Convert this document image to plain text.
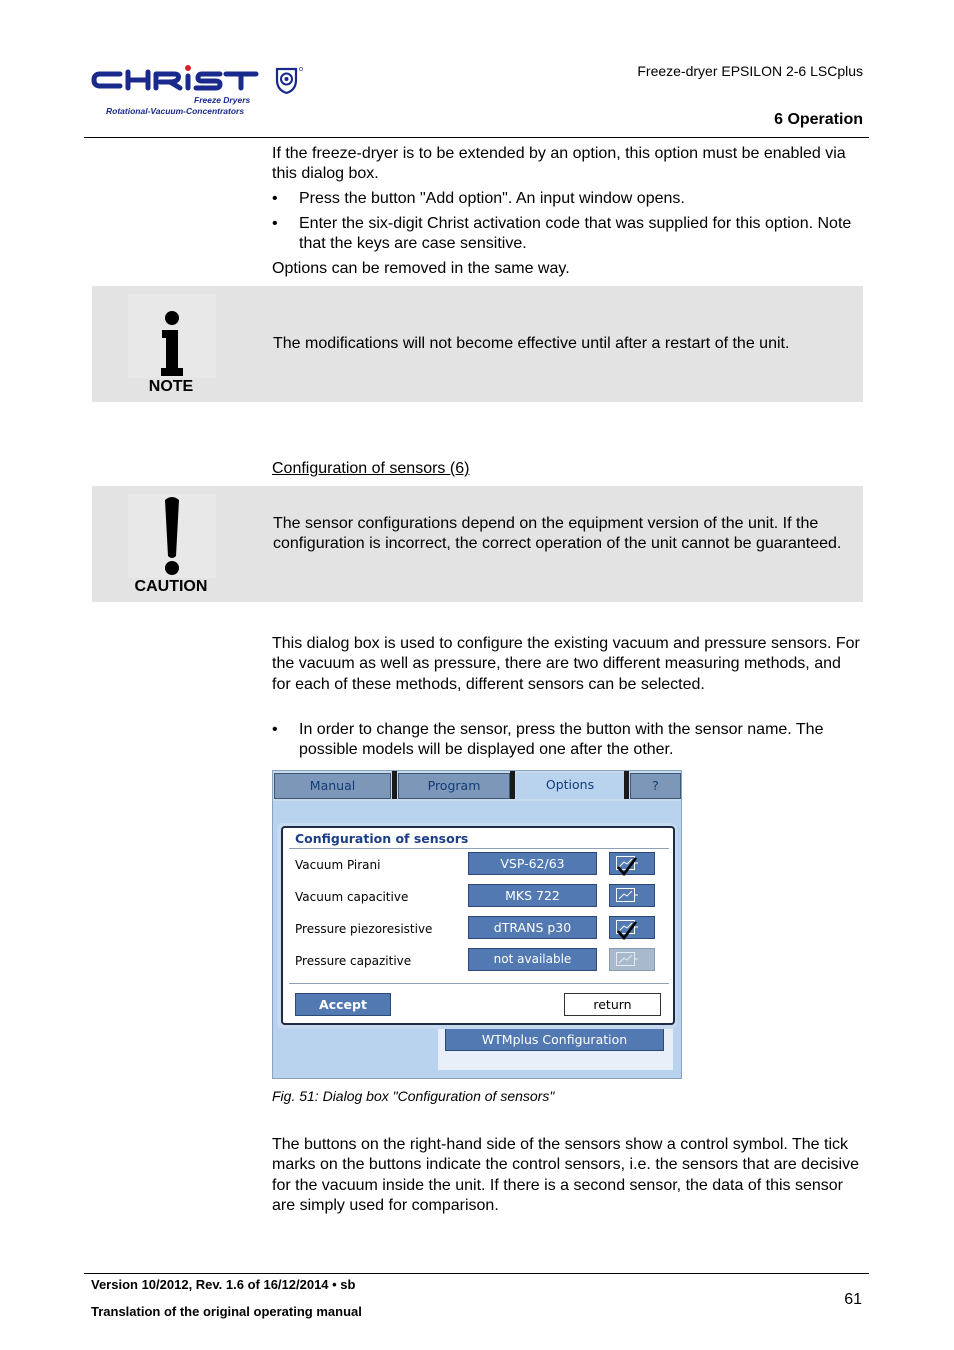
Freeze Dryers
Rotational-Vacuum-Concentrators
Freeze-dryer EPSILON 2-6 LSCplus
6 Operation
If the freeze-dryer is to be extended by an option, this option must be enabled via this dialog box.
• Press the button "Add option". An input window opens.
• Enter the six-digit Christ activation code that was supplied for this option. Note that the keys are case sensitive.
Options can be removed in the same way.
NOTE
The modifications will not become effective until after a restart of the unit.
Configuration of sensors (6)
CAUTION
The sensor configurations depend on the equipment version of the unit. If the configuration is incorrect, the correct operation of the unit cannot be guaranteed.
This dialog box is used to configure the existing vacuum and pressure sensors. For the vacuum as well as pressure, there are two different measuring methods, and for each of these methods, different sensors can be selected.
• In order to change the sensor, press the button with the sensor name. The possible models will be displayed one after the other.
Manual	Program	Options	?
WTMplus Configuration
Configuration of sensors
Vacuum Pirani	VSP-62/63
Vacuum capacitive	MKS 722
Pressure piezoresistive	dTRANS p30
Pressure capazitive	not available
Accept	return
Fig. 51: Dialog box "Configuration of sensors"
The buttons on the right-hand side of the sensors show a control symbol. The tick marks on the buttons indicate the control sensors, i.e. the sensors that are decisive for the vacuum inside the unit. If there is a second sensor, the data of this sensor are simply used for comparison.
Version 10/2012, Rev. 1.6 of 16/12/2014 • sb
Translation of the original operating manual
61
